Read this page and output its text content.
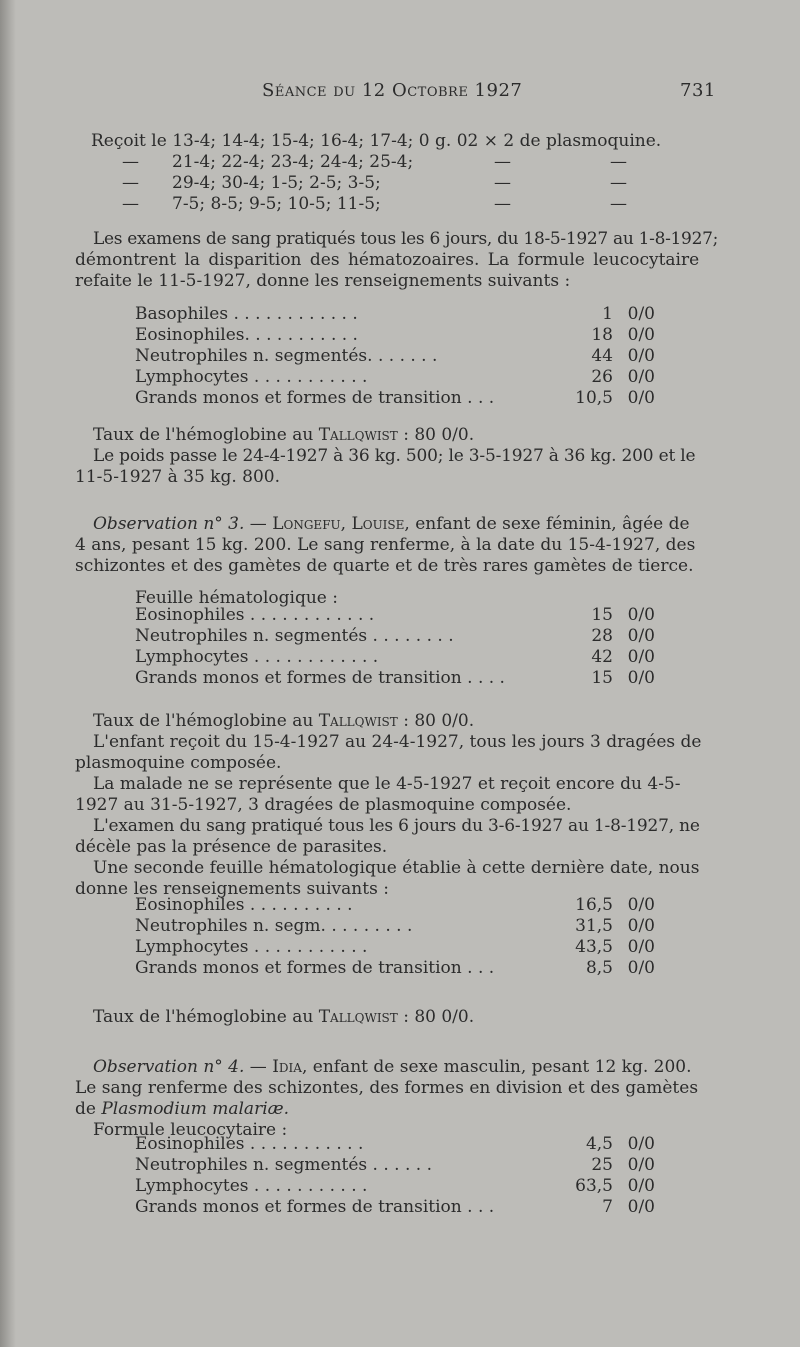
Séance du 12 Octobre 1927	731
Reçoit le 13-4; 14-4; 15-4; 16-4; 17-4; 0 g. 02 × 2 de plasmoquine.
— 21-4; 22-4; 23-4; 24-4; 25-4;	—	—
— 29-4; 30-4; 1-5; 2-5; 3-5;	—	—
— 7-5; 8-5; 9-5; 10-5; 11-5;	—	—
Les examens de sang pratiqués tous les 6 jours, du 18-5-1927 au 1-8-1927;
démontrent la disparition des hématozoaires. La formule leucocytaire
refaite le 11-5-1927, donne les renseignements suivants :
Basophiles . . . . . . . . . . . .	1 0/0
Eosinophiles. . . . . . . . . . .	18 0/0
Neutrophiles n. segmentés. . . . . . .	44 0/0
Lymphocytes . . . . . . . . . . .	26 0/0
Grands monos et formes de transition . . .	10,5 0/0
Taux de l'hémoglobine au Tallqwist : 80 0/0.
Le poids passe le 24-4-1927 à 36 kg. 500; le 3-5-1927 à 36 kg. 200 et le
11-5-1927 à 35 kg. 800.
Observation n° 3. — Longefu, Louise, enfant de sexe féminin, âgée de
4 ans, pesant 15 kg. 200. Le sang renferme, à la date du 15-4-1927, des
schizontes et des gamètes de quarte et de très rares gamètes de tierce.
Feuille hématologique :
Eosinophiles . . . . . . . . . . . .	15 0/0
Neutrophiles n. segmentés . . . . . . . .	28 0/0
Lymphocytes . . . . . . . . . . . .	42 0/0
Grands monos et formes de transition . . . .	15 0/0
Taux de l'hémoglobine au Tallqwist : 80 0/0.
L'enfant reçoit du 15-4-1927 au 24-4-1927, tous les jours 3 dragées de
plasmoquine composée.
La malade ne se représente que le 4-5-1927 et reçoit encore du 4-5-
1927 au 31-5-1927, 3 dragées de plasmoquine composée.
L'examen du sang pratiqué tous les 6 jours du 3-6-1927 au 1-8-1927, ne
décèle pas la présence de parasites.
Une seconde feuille hématologique établie à cette dernière date, nous
donne les renseignements suivants :
Eosinophiles . . . . . . . . . .	16,5 0/0
Neutrophiles n. segm. . . . . . . . .	31,5 0/0
Lymphocytes . . . . . . . . . . .	43,5 0/0
Grands monos et formes de transition . . .	8,5 0/0
Taux de l'hémoglobine au Tallqwist : 80 0/0.
Observation n° 4. — Idia, enfant de sexe masculin, pesant 12 kg. 200.
Le sang renferme des schizontes, des formes en division et des gamètes
de Plasmodium malariæ.
Formule leucocytaire :
Eosinophiles . . . . . . . . . . .	4,5 0/0
Neutrophiles n. segmentés . . . . . .	25 0/0
Lymphocytes . . . . . . . . . . .	63,5 0/0
Grands monos et formes de transition . . .	7 0/0
